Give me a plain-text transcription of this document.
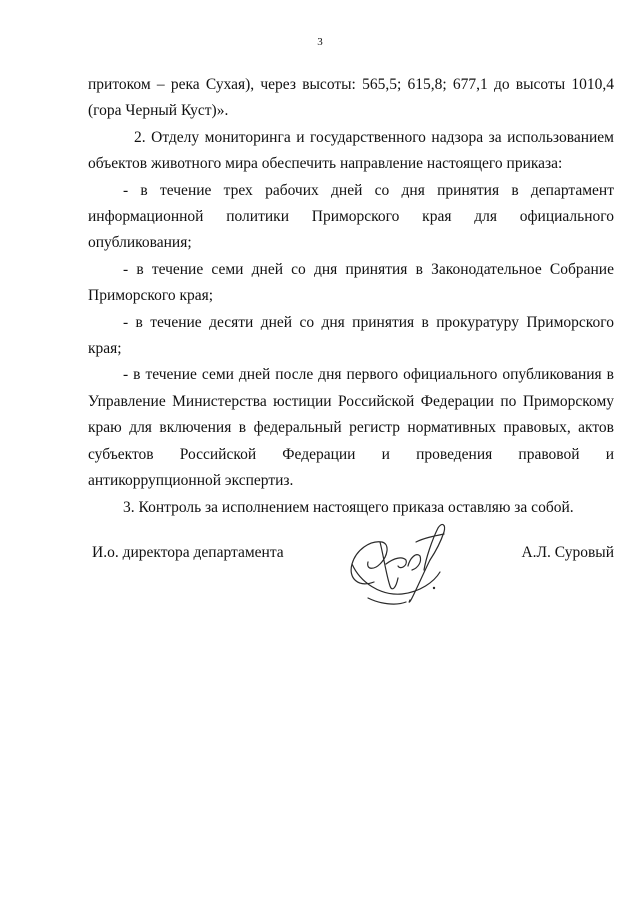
3

притоком – река Сухая), через высоты: 565,5; 615,8; 677,1 до высоты 1010,4 (гора Черный Куст)».

2. Отделу мониторинга и государственного надзора за использованием объектов животного мира обеспечить направление настоящего приказа:

- в течение трех рабочих дней со дня принятия в департамент информационной политики Приморского края для официального опубликования;

- в течение семи дней со дня принятия в Законодательное Собрание Приморского края;

- в течение десяти дней со дня принятия в прокуратуру Приморского края;

- в течение семи дней после дня первого официального опубликования в Управление Министерства юстиции Российской Федерации по Приморскому краю для включения в федеральный регистр нормативных правовых, актов субъектов Российской Федерации и проведения правовой и антикоррупционной экспертиз.

3. Контроль за исполнением настоящего приказа оставляю за собой.

И.о. директора департамента	А.Л. Суровый
